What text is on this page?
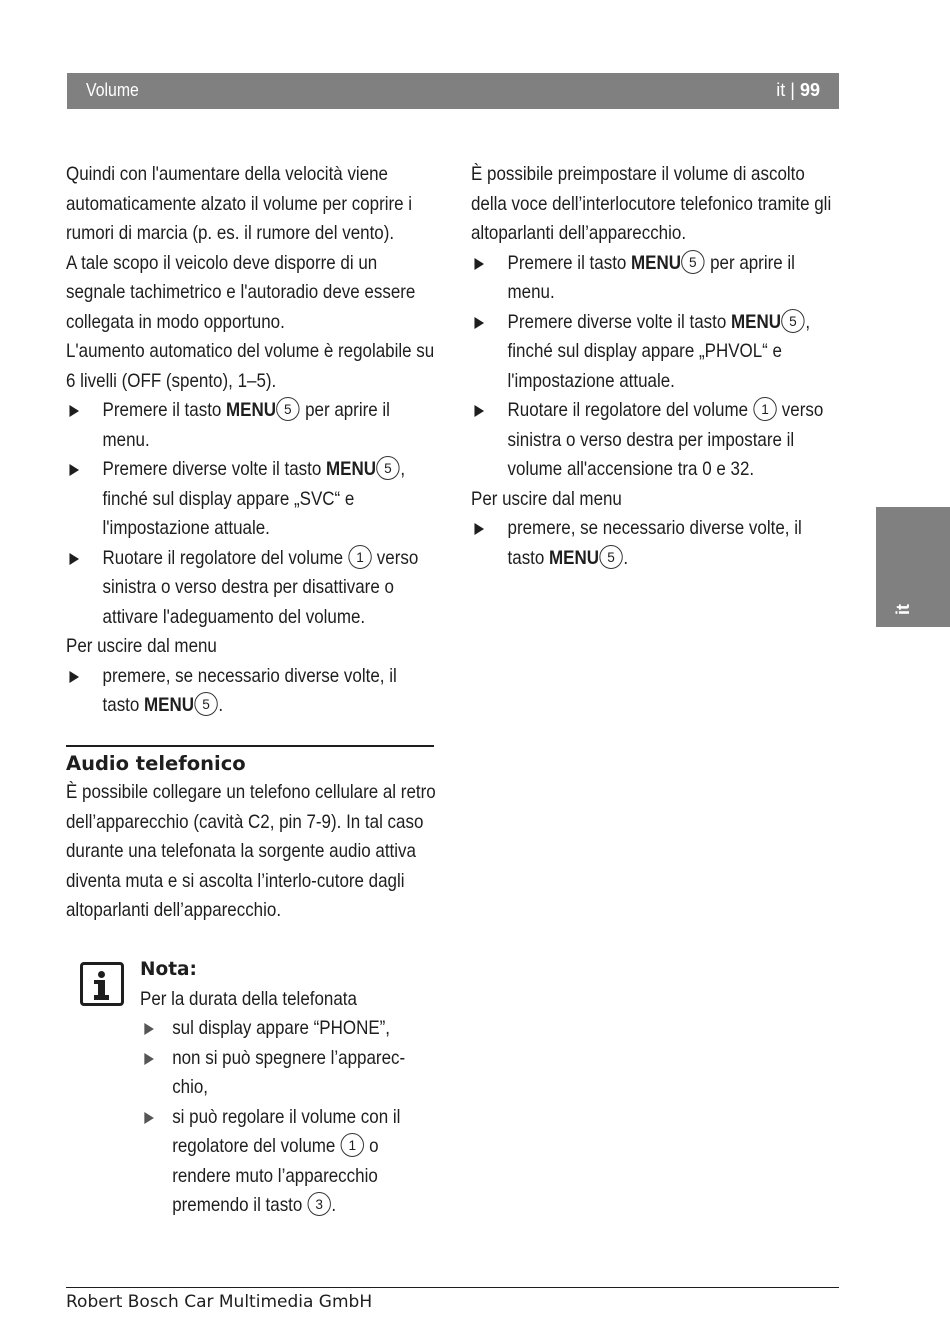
Volume	it | 99
it

Quindi con l'aumentare della velocità viene automaticamente alzato il volume per coprire i rumori di marcia (p. es. il rumore del vento).

A tale scopo il veicolo deve disporre di un segnale tachimetrico e l'autoradio deve essere collegata in modo opportuno.

L'aumento automatico del volume è regolabile su 6 livelli (OFF (spento), 1–5).

Premere il tasto MENU 5 per aprire il menu.

Premere diverse volte il tasto MENU 5 , finché sul display appare „SVC“ e l'impostazione attuale.

Ruotare il regolatore del volume 1 verso sinistra o verso destra per disattivare o attivare l'adeguamento del volume.

Per uscire dal menu

premere, se necessario diverse volte, il tasto MENU 5 .

Audio telefonico

È possibile collegare un telefono cellulare al retro dell’apparecchio (cavità C2, pin 7-9). In tal caso durante una telefonata la sorgente audio attiva diventa muta e si ascolta l’interlo-cutore dagli altoparlanti dell’apparecchio.

Nota:

Per la durata della telefonata

sul display appare “PHONE”,

non si può spegnere l’apparec-chio,

si può regolare il volume con il regolatore del volume 1 o rendere muto l’apparecchio premendo il tasto 3 .

È possibile preimpostare il volume di ascolto della voce dell’interlocutore telefonico tramite gli altoparlanti dell’apparecchio.

Premere il tasto MENU 5 per aprire il menu.

Premere diverse volte il tasto MENU 5 , finché sul display appare „PHVOL“ e l'impostazione attuale.

Ruotare il regolatore del volume 1 verso sinistra o verso destra per impostare il volume all'accensione tra 0 e 32.

Per uscire dal menu

premere, se necessario diverse volte, il tasto MENU 5 .

Robert Bosch Car Multimedia GmbH
